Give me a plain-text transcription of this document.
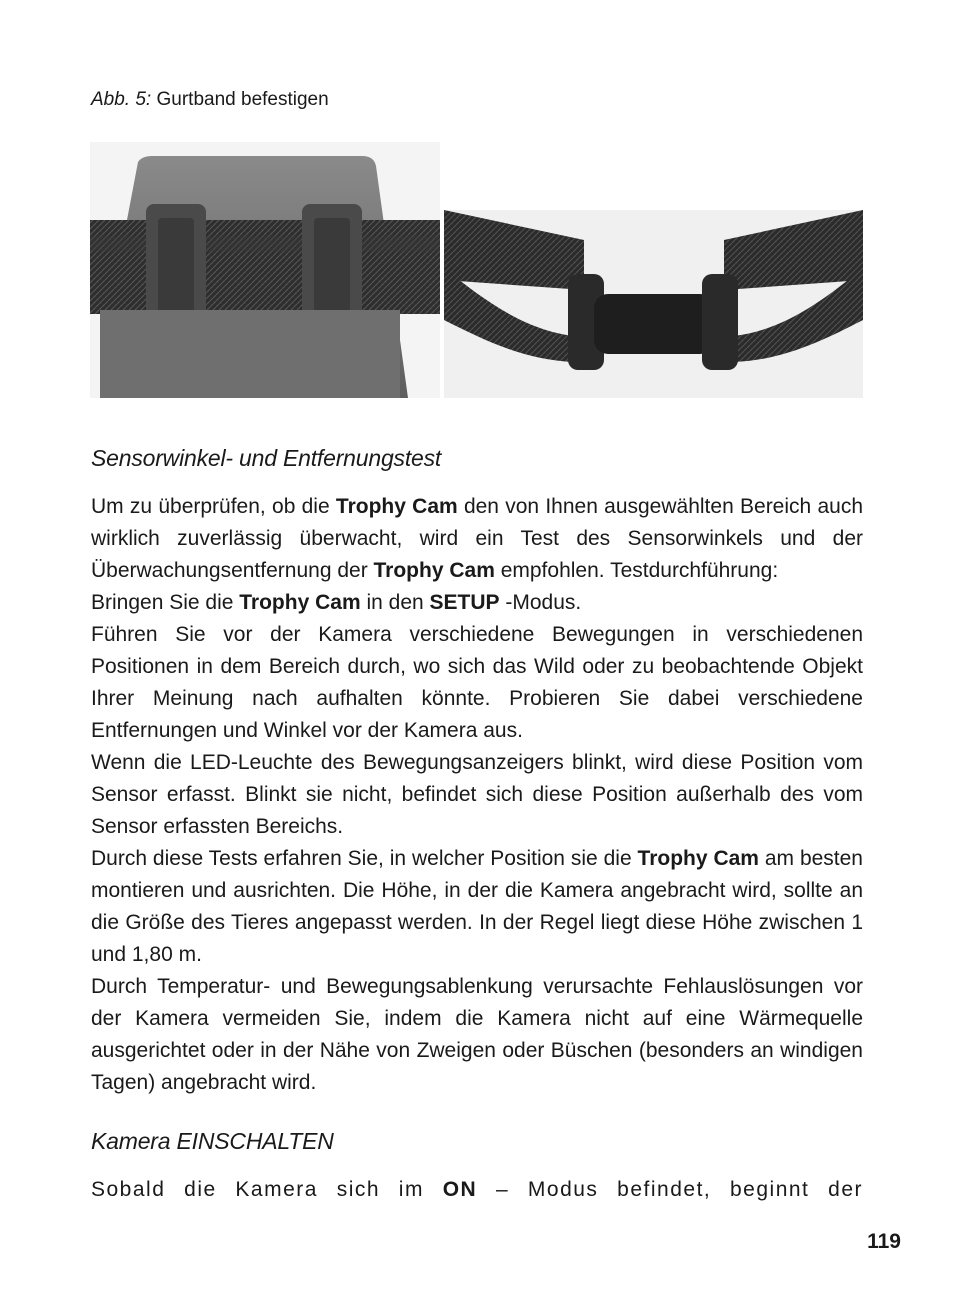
Abb. 5: Gurtband befestigen
Sensorwinkel- und Entfernungstest

Um zu überprüfen, ob die Trophy Cam den von Ihnen ausgewählten Bereich auch wirklich zuverlässig überwacht, wird ein Test des Sensorwinkels und der Überwachungsentfernung der Trophy Cam empfohlen. Testdurchführung:

Bringen Sie die Trophy Cam in den SETUP -Modus.

Führen Sie vor der Kamera verschiedene Bewegungen in verschiedenen Positionen in dem Bereich durch, wo sich das Wild oder zu beobachtende Objekt Ihrer Meinung nach aufhalten könnte. Probieren Sie dabei verschiedene Entfernungen und Winkel vor der Kamera aus.

Wenn die LED-Leuchte des Bewegungsanzeigers blinkt, wird diese Position vom Sensor erfasst. Blinkt sie nicht, befindet sich diese Position außerhalb des vom Sensor erfassten Bereichs.

Durch diese Tests erfahren Sie, in welcher Position sie die Trophy Cam am besten montieren und ausrichten. Die Höhe, in der die Kamera angebracht wird, sollte an die Größe des Tieres angepasst werden. In der Regel liegt diese Höhe zwischen 1 und 1,80 m.

Durch Temperatur- und Bewegungsablenkung verursachte Fehlauslösungen vor der Kamera vermeiden Sie, indem die Kamera nicht auf eine Wärmequelle ausgerichtet oder in der Nähe von Zweigen oder Büschen (besonders an windigen Tagen) angebracht wird.

Kamera EINSCHALTEN
Sobald die Kamera sich im ON – Modus befindet, beginnt der
119
